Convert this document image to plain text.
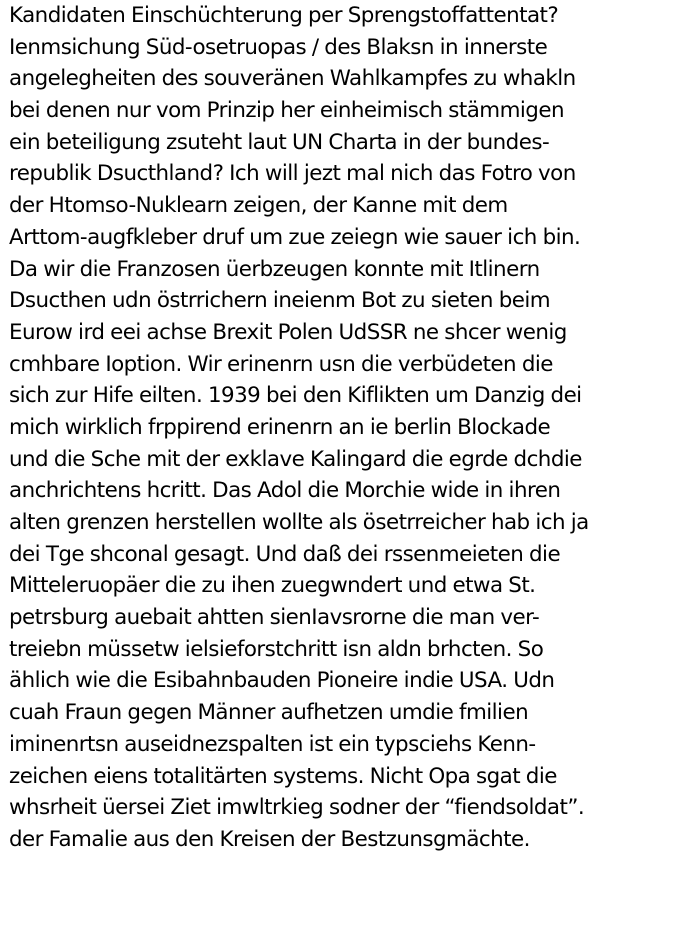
Kandidaten Einschüchterung per Sprengstoffattentat?
Ienmsichung Süd-osetruopas / des Blaksn in innerste
angelegheiten des souveränen Wahlkampfes zu whakln
bei denen nur vom Prinzip her einheimisch stämmigen
ein beteiligung zsuteht laut UN Charta in der bundes-
republik Dsucthland? Ich will jezt mal nich das Fotro von
der Htomso-Nuklearn zeigen, der Kanne mit dem
Arttom-augfkleber druf um zue zeiegn wie sauer ich bin.
Da wir die Franzosen üerbzeugen konnte mit Itlinern
Dsucthen udn östrrichern ineienm Bot zu sieten beim
Eurow ird eei achse Brexit Polen UdSSR ne shcer wenig
cmhbare Ioption. Wir erinenrn usn die verbüdeten die
sich zur Hife eilten. 1939 bei den Kiflikten um Danzig dei
mich wirklich frppirend erinenrn an ie berlin Blockade
und die Sche mit der exklave Kalingard die egrde dchdie
anchrichtens hcritt. Das Adol die Morchie wide in ihren
alten grenzen herstellen wollte als ösetrreicher hab ich ja
dei Tge shconal gesagt. Und daß dei rssenmeieten die
Mitteleruopäer die zu ihen zuegwndert und etwa St.
petrsburg auebait ahtten sienIavsrorne die man ver-
treiebn müssetw ielsieforstchritt isn aldn brhcten. So
ählich wie die Esibahnbauden Pioneire indie USA. Udn
cuah Fraun gegen Männer aufhetzen umdie fmilien
iminenrtsn auseidnezspalten ist ein typsciehs Kenn-
zeichen eiens totalitärten systems. Nicht Opa sgat die
whsrheit üersei Ziet imwltrkieg sodner der “fiendsoldat”.
der Famalie aus den Kreisen der Bestzunsgmächte.
